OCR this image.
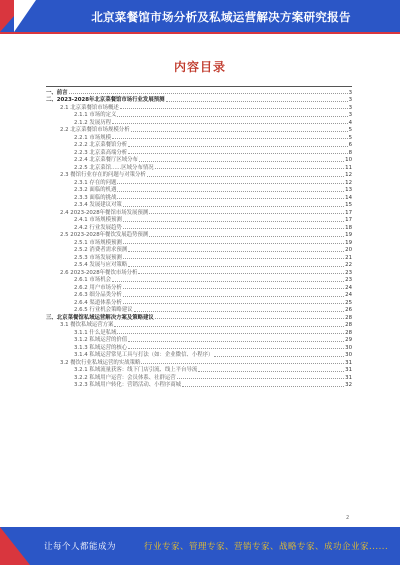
北京菜餐馆市场分析及私域运营解决方案研究报告
内容目录
一、前言	3
二、2023-2028年北京菜餐馆市场行业发展预测	3
2.1 北京菜餐馆市场概述	3
2.1.1 市场的定义	3
2.1.2 发展历程	4
2.2 北京菜餐馆市场规模分析	5
2.2.1 市场规模	5
2.2.2 北京菜餐馆分析	6
2.2.3 北京菜高端分析	8
2.2.4 北京菜餐厅区域分布	10
2.2.5 北京菜馆......区域分布情况	11
2.3 餐馆行业存在的问题与对策分析	12
2.3.1 存在的问题	12
2.3.2 面临的机遇	13
2.3.3 面临的挑战	14
2.3.4 发展建议对策	15
2.4 2023-2028年餐馆市场发展预测	17
2.4.1 市场规模预测	17
2.4.2 行业发展趋势	18
2.5 2023-2028年餐饮发展趋势预测	19
2.5.1 市场规模预测	19
2.5.2 消费者需求预测	20
2.5.3 市场发展预测	21
2.5.4 发展与应对策略	22
2.6 2023-2028年餐饮市场分析	23
2.6.1 市场机会	23
2.6.2 用户市场分析	24
2.6.3 细分品类分析	24
2.6.4 渠道体系分析	25
2.6.5 行业机会策略建议	26
三、北京菜餐馆私域运营解决方案及策略建议	28
3.1 餐饮私域运营方案	28
3.1.1 什么是私域	28
3.1.2 私域运营的价值	29
3.1.3 私域运营的核心	30
3.1.4 私域运营常见工具与打法（如：企业微信、小程序）	30
3.2 餐饮行业私域运营的实战策略	31
3.2.1 私域流量获客：线下门店引流、线上平台导流	31
3.2.2 私域用户运营：会员体系、社群运营	31
3.2.3 私域用户转化：营销活动、小程序商城	32
2
让每个人都能成为	行业专家、管理专家、营销专家、战略专家、成功企业家......
